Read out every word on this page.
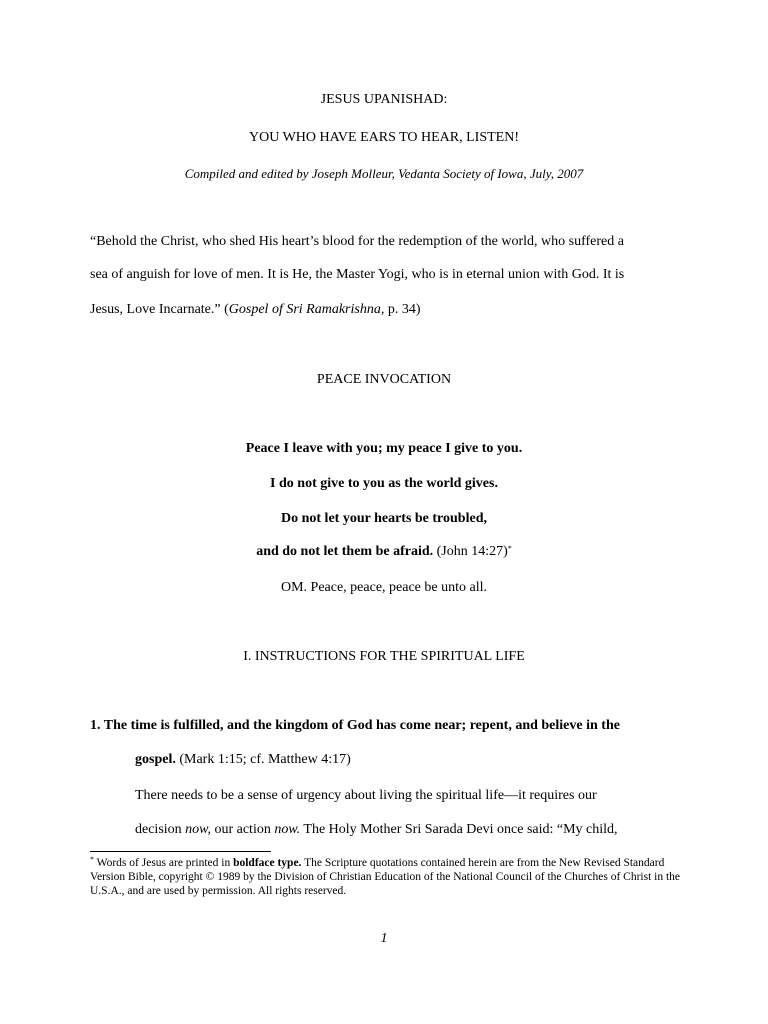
JESUS UPANISHAD:
YOU WHO HAVE EARS TO HEAR, LISTEN!
Compiled and edited by Joseph Molleur, Vedanta Society of Iowa, July, 2007
“Behold the Christ, who shed His heart’s blood for the redemption of the world, who suffered a
sea of anguish for love of men. It is He, the Master Yogi, who is in eternal union with God. It is
Jesus, Love Incarnate.” (Gospel of Sri Ramakrishna, p. 34)
PEACE INVOCATION
Peace I leave with you; my peace I give to you.
I do not give to you as the world gives.
Do not let your hearts be troubled,
and do not let them be afraid. (John 14:27)*
OM. Peace, peace, peace be unto all.
I. INSTRUCTIONS FOR THE SPIRITUAL LIFE
1. The time is fulfilled, and the kingdom of God has come near; repent, and believe in the
gospel. (Mark 1:15; cf. Matthew 4:17)
There needs to be a sense of urgency about living the spiritual life—it requires our
decision now, our action now. The Holy Mother Sri Sarada Devi once said: “My child,
* Words of Jesus are printed in boldface type. The Scripture quotations contained herein are from the New Revised Standard Version Bible, copyright © 1989 by the Division of Christian Education of the National Council of the Churches of Christ in the U.S.A., and are used by permission. All rights reserved.
1
